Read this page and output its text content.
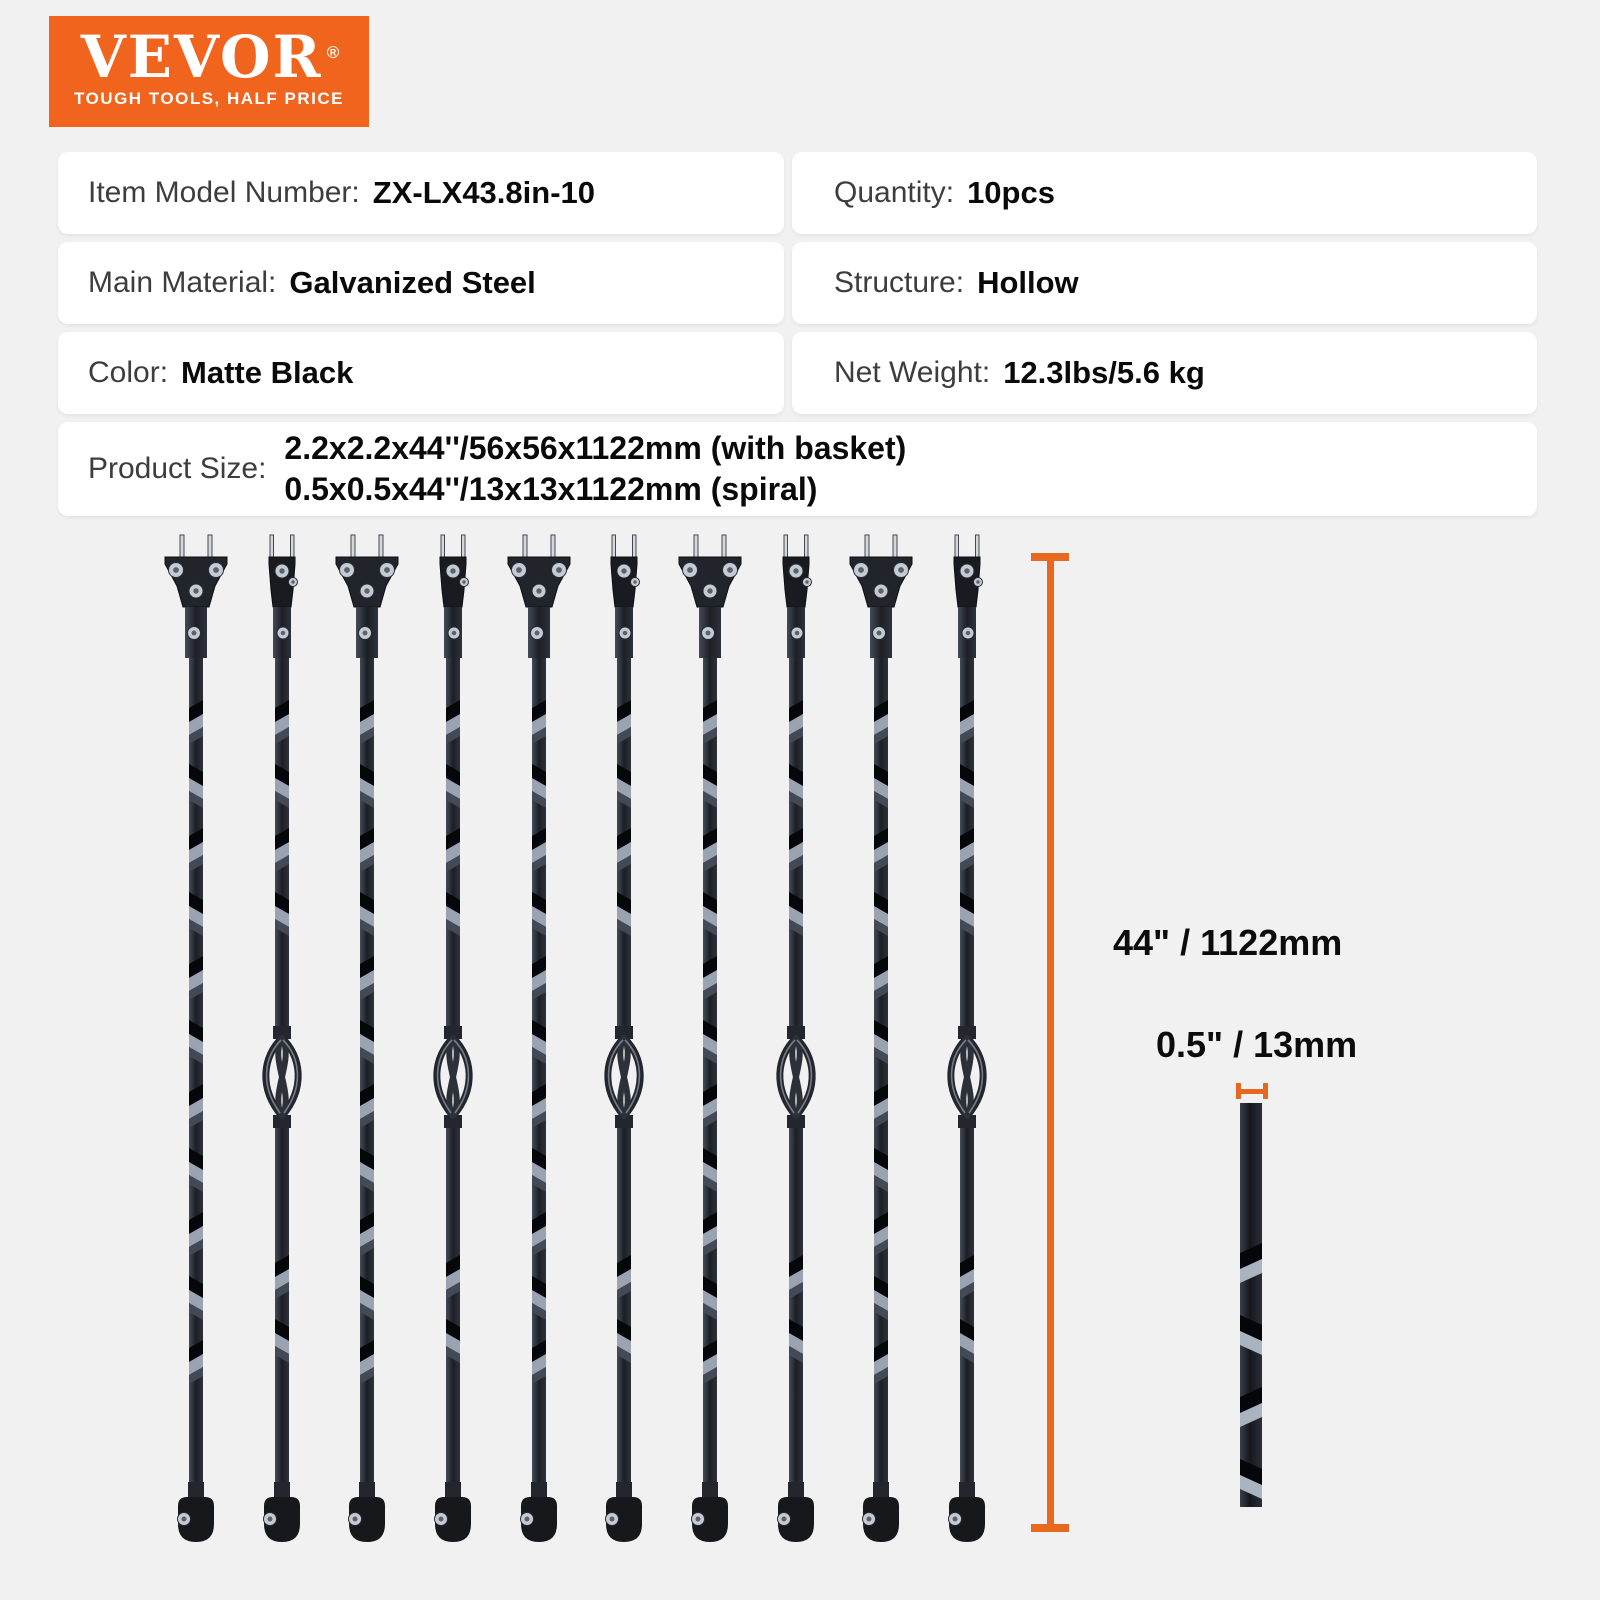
VEVOR ®
TOUGH TOOLS, HALF PRICE
Item Model Number: ZX-LX43.8in-10	Quantity: 10pcs
Main Material: Galvanized Steel	Structure: Hollow
Color: Matte Black	Net Weight: 12.3lbs/5.6 kg
Product Size:
2.2x2.2x44''/56x56x1122mm (with basket)
0.5x0.5x44''/13x13x1122mm (spiral)
44" / 1122mm
0.5" / 13mm
